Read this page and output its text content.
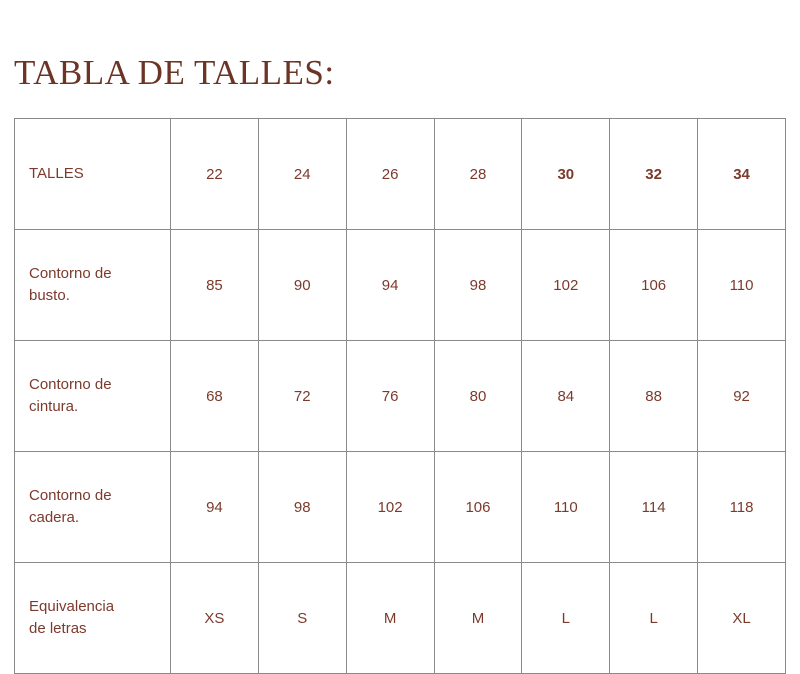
TABLA DE TALLES:
TALLES	22	24	26	28	30	32	34

Contorno de
busto.	85	90	94	98	102	106	110

Contorno de
cintura.	68	72	76	80	84	88	92

Contorno de
cadera.	94	98	102	106	110	114	118

Equivalencia
de letras	XS	S	M	M	L	L	XL
